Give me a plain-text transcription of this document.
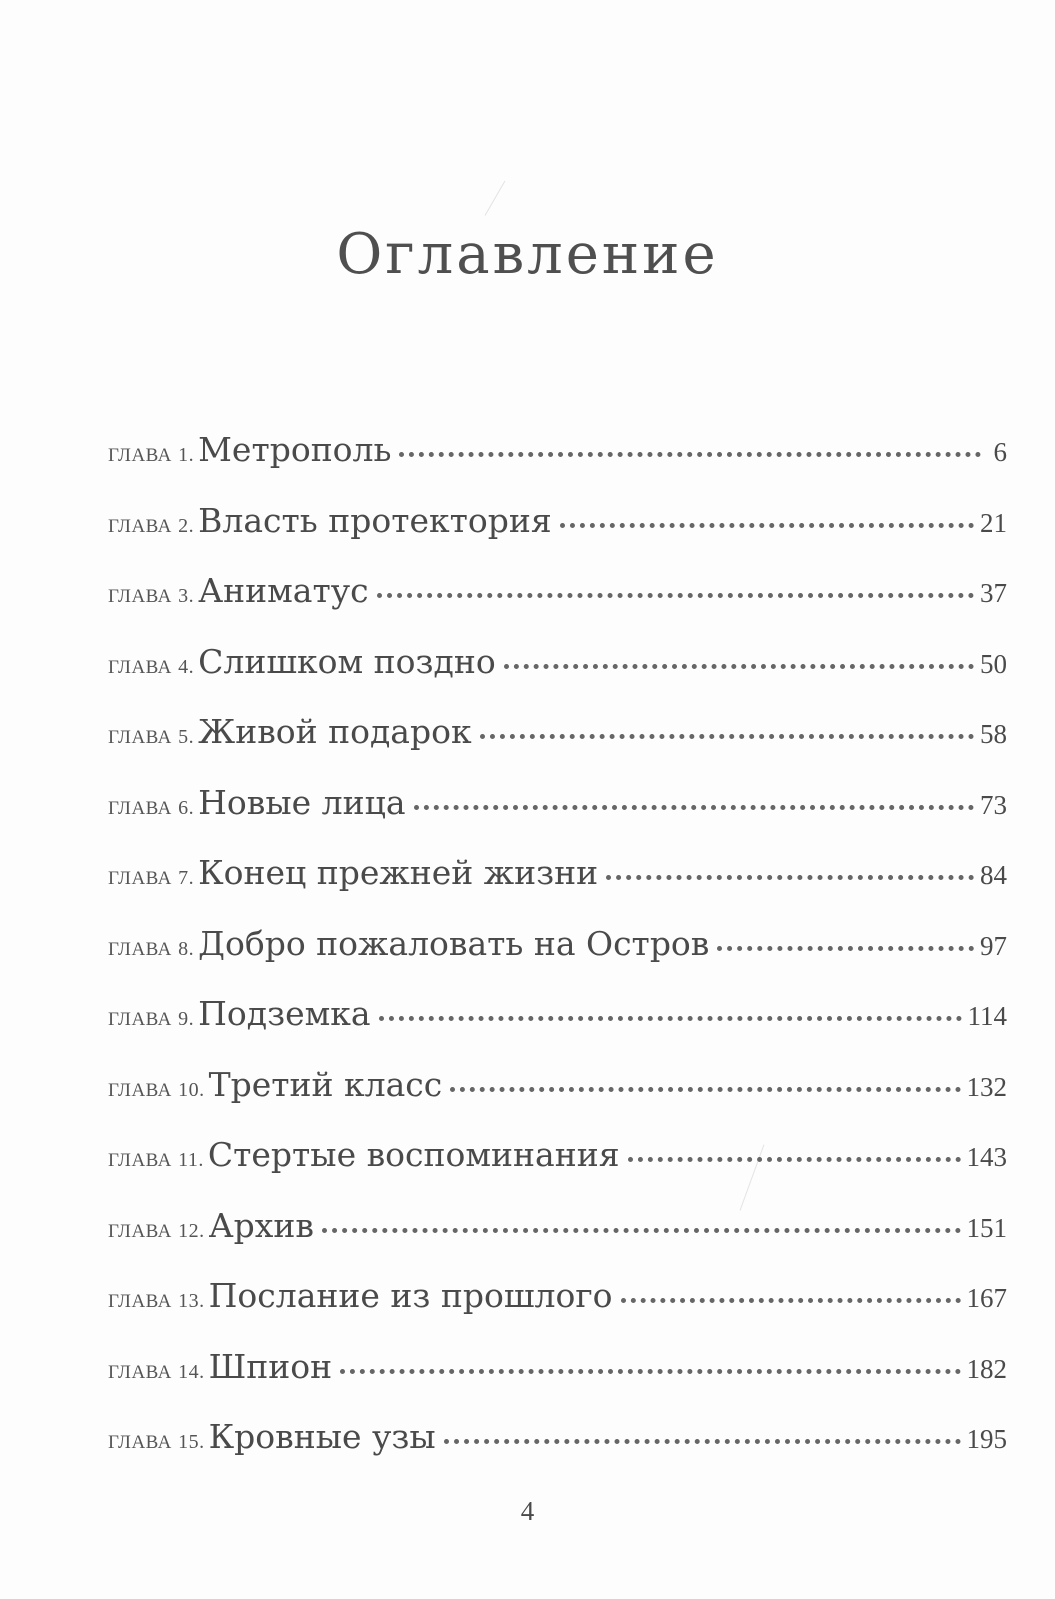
Оглавление
ГЛАВА 1. Метрополь	6
ГЛАВА 2. Власть протектория	21
ГЛАВА 3. Аниматус	37
ГЛАВА 4. Слишком поздно	50
ГЛАВА 5. Живой подарок	58
ГЛАВА 6. Новые лица	73
ГЛАВА 7. Конец прежней жизни	84
ГЛАВА 8. Добро пожаловать на Остров	97
ГЛАВА 9. Подземка	114
ГЛАВА 10. Третий класс	132
ГЛАВА 11. Стертые воспоминания	143
ГЛАВА 12. Архив	151
ГЛАВА 13. Послание из прошлого	167
ГЛАВА 14. Шпион	182
ГЛАВА 15. Кровные узы	195
4
